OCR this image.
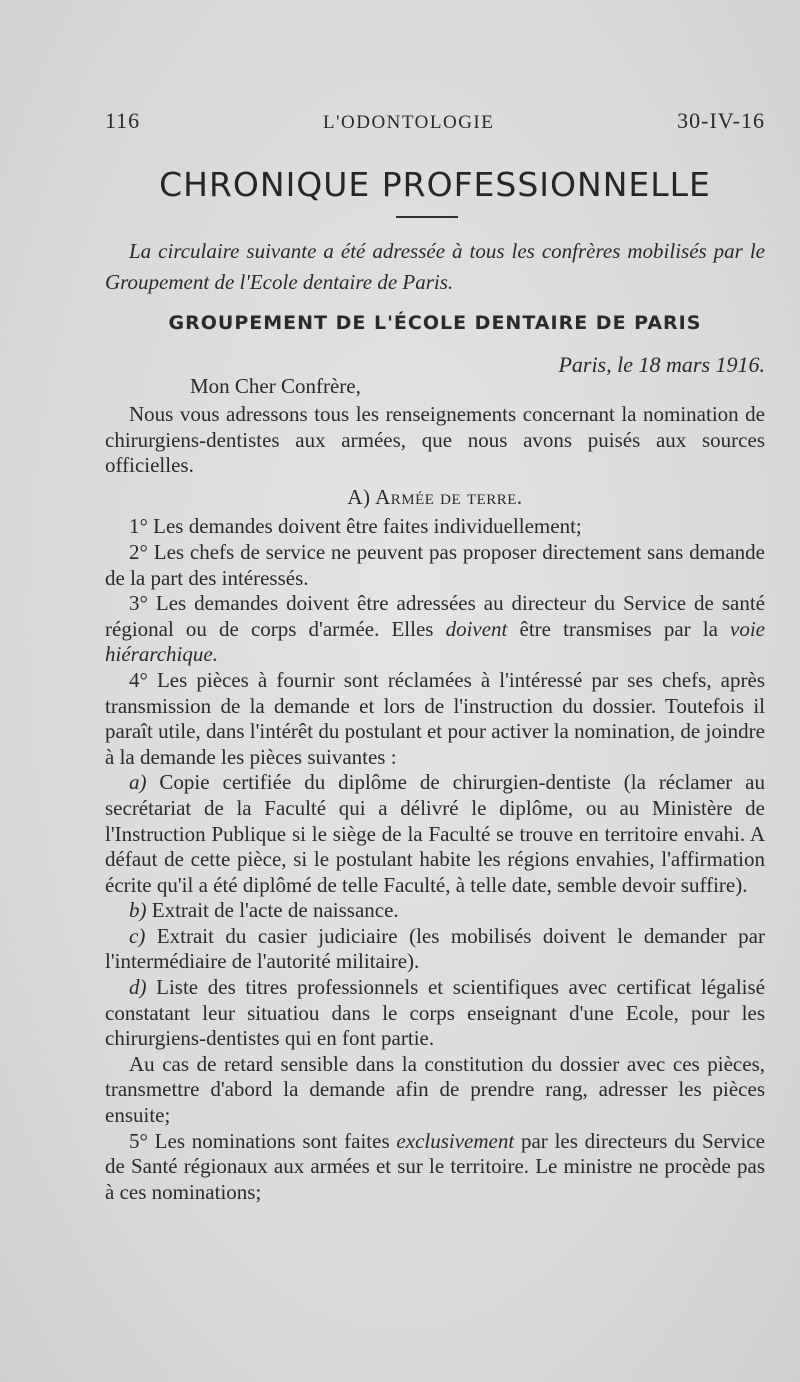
116	L'ODONTOLOGIE	30-IV-16
CHRONIQUE PROFESSIONNELLE
La circulaire suivante a été adressée à tous les confrères mobilisés par le Groupement de l'Ecole dentaire de Paris.
GROUPEMENT DE L'ÉCOLE DENTAIRE DE PARIS
Paris, le 18 mars 1916.
Mon Cher Confrère,

Nous vous adressons tous les renseignements concernant la nomination de chirurgiens-dentistes aux armées, que nous avons puisés aux sources officielles.

A) Armée de terre.

1° Les demandes doivent être faites individuellement;

2° Les chefs de service ne peuvent pas proposer directement sans demande de la part des intéressés.

3° Les demandes doivent être adressées au directeur du Service de santé régional ou de corps d'armée. Elles doivent être transmises par la voie hiérarchique.

4° Les pièces à fournir sont réclamées à l'intéressé par ses chefs, après transmission de la demande et lors de l'instruction du dossier. Toutefois il paraît utile, dans l'intérêt du postulant et pour activer la nomination, de joindre à la demande les pièces suivantes :

a) Copie certifiée du diplôme de chirurgien-dentiste (la réclamer au secrétariat de la Faculté qui a délivré le diplôme, ou au Ministère de l'Instruction Publique si le siège de la Faculté se trouve en territoire envahi. A défaut de cette pièce, si le postulant habite les régions envahies, l'affirmation écrite qu'il a été diplômé de telle Faculté, à telle date, semble devoir suffire).

b) Extrait de l'acte de naissance.

c) Extrait du casier judiciaire (les mobilisés doivent le demander par l'intermédiaire de l'autorité militaire).

d) Liste des titres professionnels et scientifiques avec certificat légalisé constatant leur situatiou dans le corps enseignant d'une Ecole, pour les chirurgiens-dentistes qui en font partie.

Au cas de retard sensible dans la constitution du dossier avec ces pièces, transmettre d'abord la demande afin de prendre rang, adresser les pièces ensuite;

5° Les nominations sont faites exclusivement par les directeurs du Service de Santé régionaux aux armées et sur le territoire. Le ministre ne procède pas à ces nominations;
